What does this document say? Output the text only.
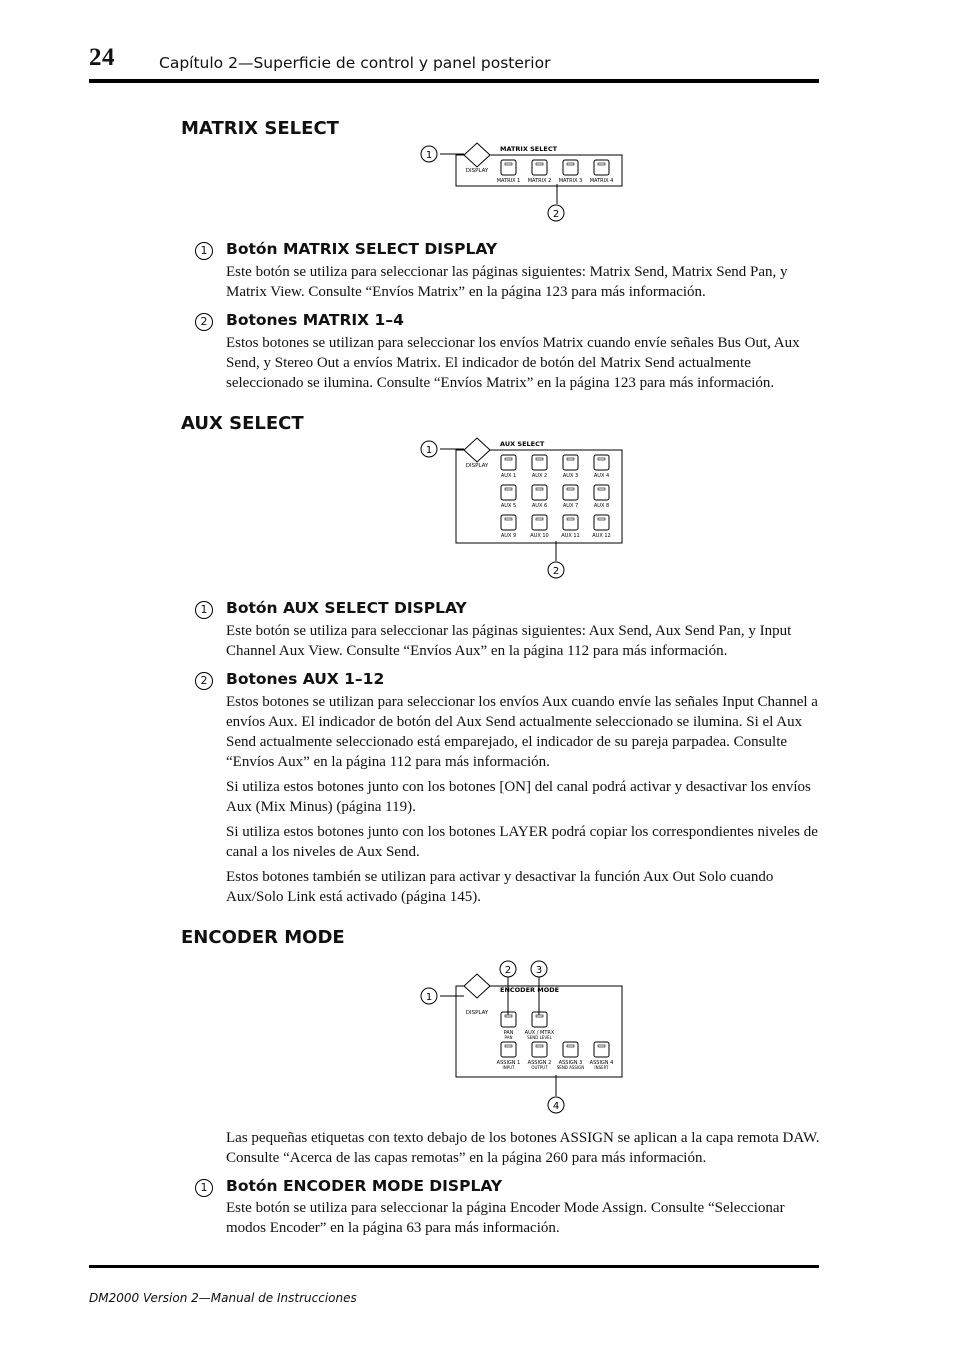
24	Capítulo 2—Superficie de control y panel posterior
MATRIX SELECT
DISPLAY
MATRIX SELECT
MATRIX 1 MATRIX 2 MATRIX 3 MATRIX 4
1
2
1	Botón MATRIX SELECT DISPLAY
Este botón se utiliza para seleccionar las páginas siguientes: Matrix Send, Matrix Send Pan, y Matrix View. Consulte “Envíos Matrix” en la página 123 para más información.
2	Botones MATRIX 1–4
Estos botones se utilizan para seleccionar los envíos Matrix cuando envíe señales Bus Out, Aux Send, y Stereo Out a envíos Matrix. El indicador de botón del Matrix Send actualmente seleccionado se ilumina. Consulte “Envíos Matrix” en la página 123 para más información.
AUX SELECT
DISPLAY
AUX SELECT
AUX 1	AUX 2	AUX 3	AUX 4
AUX 5	AUX 6	AUX 7	AUX 8
AUX 9	AUX 10	AUX 11	AUX 12
1
2
1	Botón AUX SELECT DISPLAY
Este botón se utiliza para seleccionar las páginas siguientes: Aux Send, Aux Send Pan, y Input Channel Aux View. Consulte “Envíos Aux” en la página 112 para más información.
2	Botones AUX 1–12
Estos botones se utilizan para seleccionar los envíos Aux cuando envíe las señales Input Channel a envíos Aux. El indicador de botón del Aux Send actualmente seleccionado se ilumina. Si el Aux Send actualmente seleccionado está emparejado, el indicador de su pareja parpadea. Consulte “Envíos Aux” en la página 112 para más información.
Si utiliza estos botones junto con los botones [ON] del canal podrá activar y desactivar los envíos Aux (Mix Minus) (página 119).
Si utiliza estos botones junto con los botones LAYER podrá copiar los correspondientes niveles de canal a los niveles de Aux Send.
Estos botones también se utilizan para activar y desactivar la función Aux Out Solo cuando Aux/Solo Link está activado (página 145).
ENCODER MODE
DISPLAY
ENCODER MODE
PAN
PAN
AUX / MTRX
SEND LEVEL
ASSIGN 1
INPUT
ASSIGN 2
OUTPUT
ASSIGN 3
SEND ASSIGN
ASSIGN 4
INSERT
1
2 3
4
Las pequeñas etiquetas con texto debajo de los botones ASSIGN se aplican a la capa remota DAW. Consulte “Acerca de las capas remotas” en la página 260 para más información.
1	Botón ENCODER MODE DISPLAY
Este botón se utiliza para seleccionar la página Encoder Mode Assign. Consulte “Seleccionar modos Encoder” en la página 63 para más información.
DM2000 Version 2—Manual de Instrucciones
